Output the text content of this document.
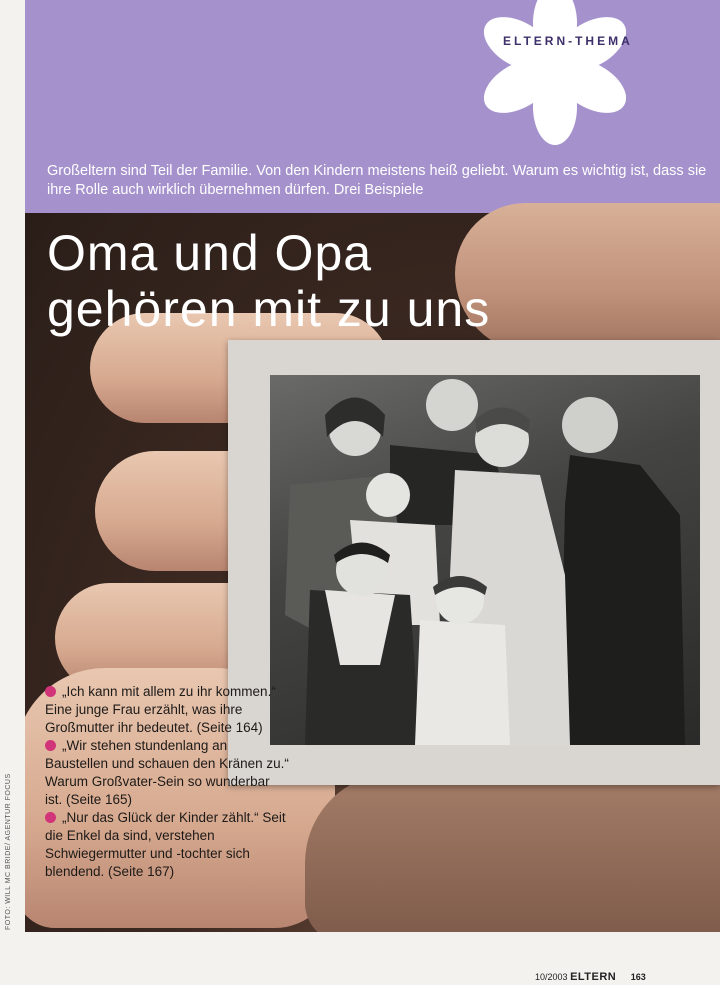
ELTERN-THEMA
Großeltern sind Teil der Familie. Von den Kindern meistens heiß geliebt. Warum es wichtig ist, dass sie ihre Rolle auch wirklich übernehmen dürfen. Drei Beispiele
Oma und Opa
gehören mit zu uns

„Ich kann mit allem zu ihr kommen.“ Eine junge Frau erzählt, was ihre Großmutter ihr bedeutet. (Seite 164)

„Wir stehen stundenlang an Baustellen und schauen den Kränen zu.“ Warum Großvater-Sein so wunderbar ist. (Seite 165)

„Nur das Glück der Kinder zählt.“ Seit die Enkel da sind, verstehen Schwiegermutter und -tochter sich blendend. (Seite 167)

FOTO: WILL MC BRIDE/ AGENTUR FOCUS
10/2003 ELTERN 163
